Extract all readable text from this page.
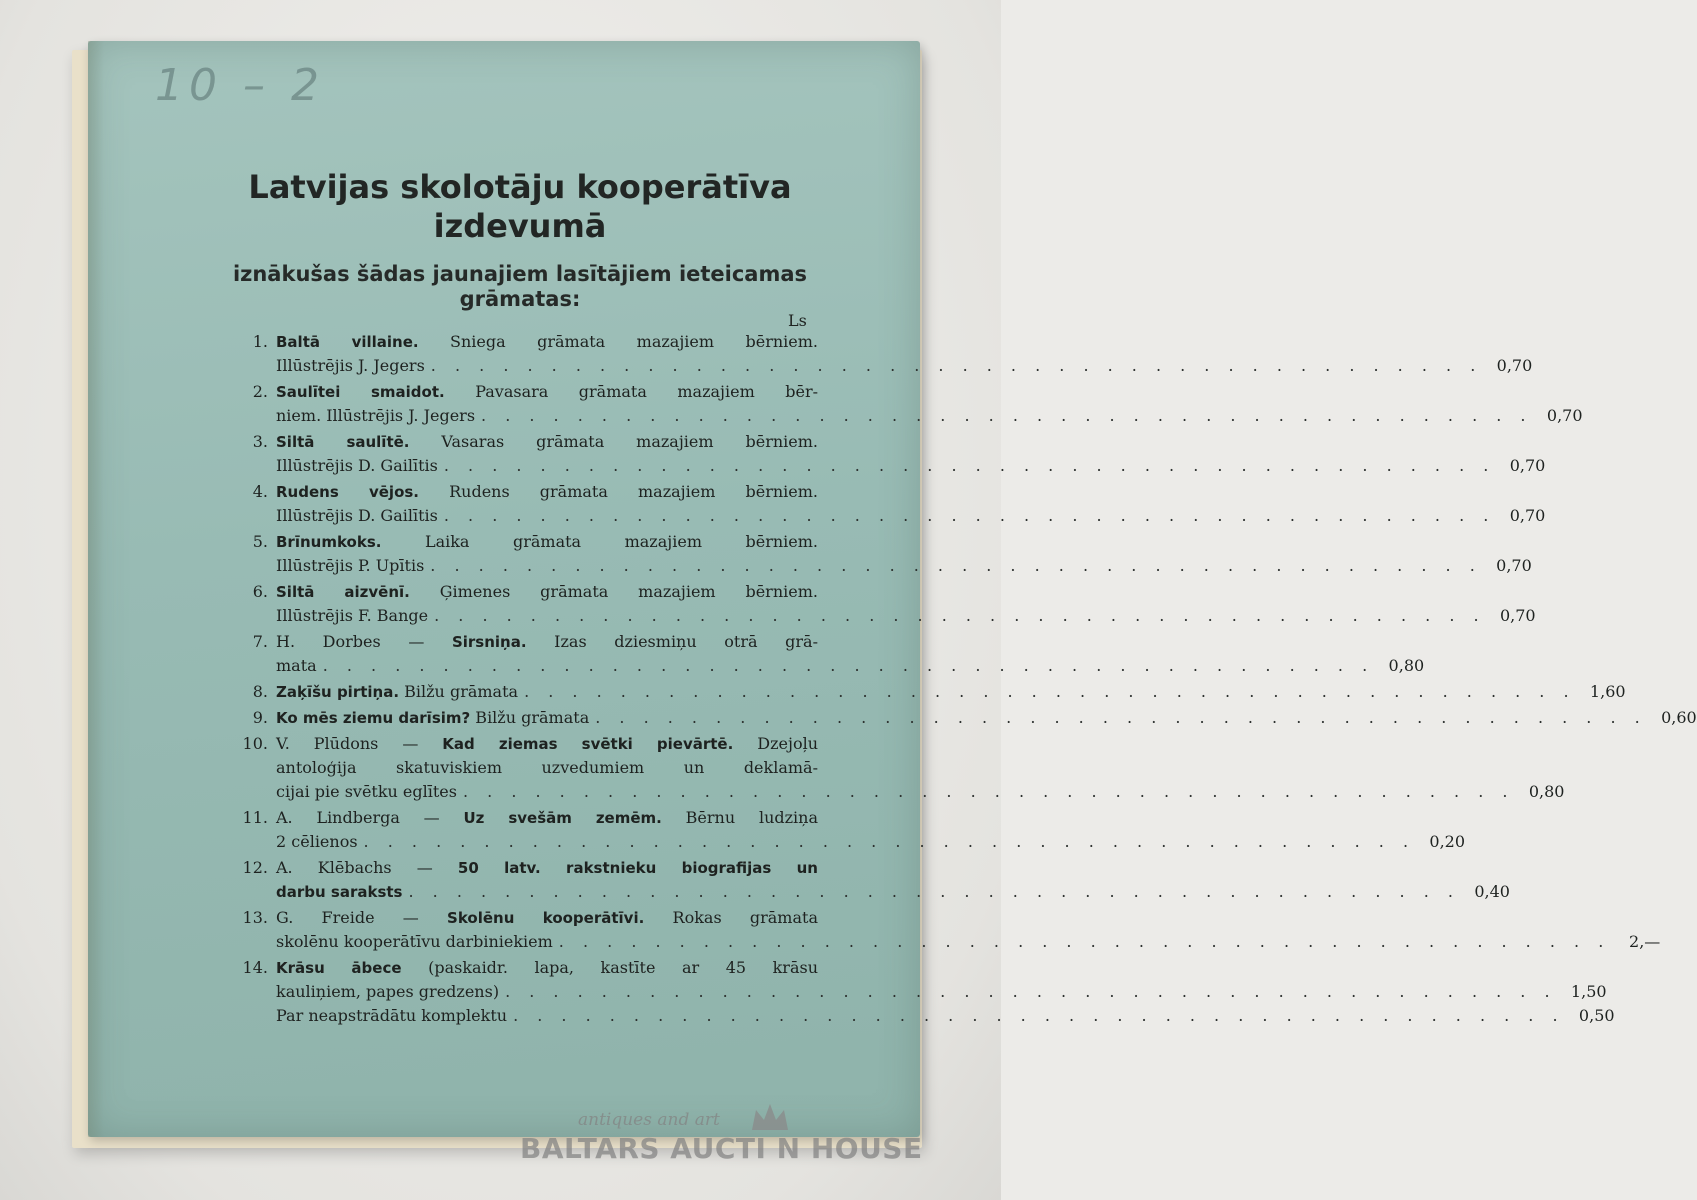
10 – 2
Latvijas skolotāju kooperātīva
izdevumā
iznākušas šādas jaunajiem lasītājiem ieteicamas
grāmatas:
Ls
1. Baltā villaine. Sniega grāmata mazajiem bērniem.
Illūstrējis J. Jegers . . . . . . . . . . . . . . . . . . . . . . . . . . . . . . . . . . . . . . . . . . . . 0,70
2. Saulītei smaidot. Pavasara grāmata mazajiem bēr-
niem. Illūstrējis J. Jegers . . . . . . . . . . . . . . . . . . . . . . . . . . . . . . . . . . . . . . . . . . . . 0,70
3. Siltā saulītē. Vasaras grāmata mazajiem bērniem.
Illūstrējis D. Gailītis . . . . . . . . . . . . . . . . . . . . . . . . . . . . . . . . . . . . . . . . . . . . 0,70
4. Rudens vējos. Rudens grāmata mazajiem bērniem.
Illūstrējis D. Gailītis . . . . . . . . . . . . . . . . . . . . . . . . . . . . . . . . . . . . . . . . . . . . 0,70
5. Brīnumkoks. Laika grāmata mazajiem bērniem.
Illūstrējis P. Upītis . . . . . . . . . . . . . . . . . . . . . . . . . . . . . . . . . . . . . . . . . . . . 0,70
6. Siltā aizvēnī. Ģimenes grāmata mazajiem bērniem.
Illūstrējis F. Bange . . . . . . . . . . . . . . . . . . . . . . . . . . . . . . . . . . . . . . . . . . . . 0,70
7. H. Dorbes — Sirsniņa. Izas dziesmiņu otrā grā-
mata . . . . . . . . . . . . . . . . . . . . . . . . . . . . . . . . . . . . . . . . . . . . 0,80
8. Zaķīšu pirtiņa. Bilžu grāmata . . . . . . . . . . . . . . . . . . . . . . . . . . . . . . . . . . . . . . . . . . . . 1,60
9. Ko mēs ziemu darīsim? Bilžu grāmata . . . . . . . . . . . . . . . . . . . . . . . . . . . . . . . . . . . . . . . . . . . . 0,60
10. V. Plūdons — Kad ziemas svētki pievārtē. Dzejoļu
antoloģija skatuviskiem uzvedumiem un deklamā-
cijai pie svētku eglītes . . . . . . . . . . . . . . . . . . . . . . . . . . . . . . . . . . . . . . . . . . . . 0,80
11. A. Lindberga — Uz svešām zemēm. Bērnu ludziņa
2 cēlienos . . . . . . . . . . . . . . . . . . . . . . . . . . . . . . . . . . . . . . . . . . . . 0,20
12. A. Klēbachs — 50 latv. rakstnieku biografijas un
darbu saraksts . . . . . . . . . . . . . . . . . . . . . . . . . . . . . . . . . . . . . . . . . . . . 0,40
13. G. Freide — Skolēnu kooperātīvi. Rokas grāmata
skolēnu kooperātīvu darbiniekiem . . . . . . . . . . . . . . . . . . . . . . . . . . . . . . . . . . . . . . . . . . . .	2,—
14. Krāsu ābece (paskaidr. lapa, kastīte ar 45 krāsu
kauliņiem, papes gredzens) . . . . . . . . . . . . . . . . . . . . . . . . . . . . . . . . . . . . . . . . . . . . 1,50
Par neapstrādātu komplektu . . . . . . . . . . . . . . . . . . . . . . . . . . . . . . . . . . . . . . . . . . . . 0,50
antiques and art
BALTARS AUCTI N HOUSE
